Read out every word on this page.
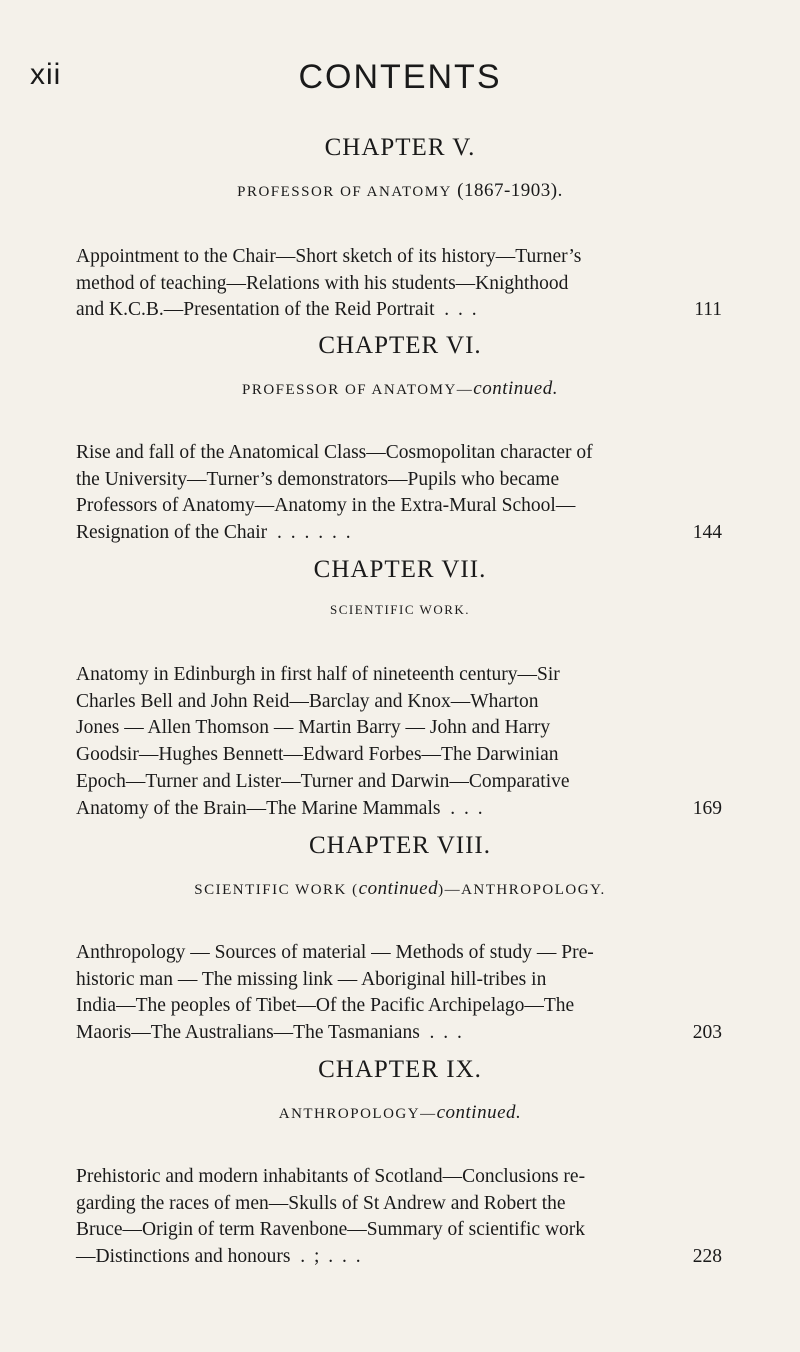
xii	CONTENTS

CHAPTER V.

PROFESSOR OF ANATOMY (1867-1903).

Appointment to the Chair—Short sketch of its history—Turner’s
method of teaching—Relations with his students—Knighthood
and K.C.B.—Presentation of the Reid Portrait . . .	111

CHAPTER VI.

PROFESSOR OF ANATOMY—continued.

Rise and fall of the Anatomical Class—Cosmopolitan character of
the University—Turner’s demonstrators—Pupils who became
Professors of Anatomy—Anatomy in the Extra-Mural School—
Resignation of the Chair . . . . . .	144

CHAPTER VII.

SCIENTIFIC WORK.

Anatomy in Edinburgh in first half of nineteenth century—Sir
Charles Bell and John Reid—Barclay and Knox—Wharton
Jones — Allen Thomson — Martin Barry — John and Harry
Goodsir—Hughes Bennett—Edward Forbes—The Darwinian
Epoch—Turner and Lister—Turner and Darwin—Comparative
Anatomy of the Brain—The Marine Mammals . . .	169

CHAPTER VIII.

SCIENTIFIC WORK (continued)—ANTHROPOLOGY.

Anthropology — Sources of material — Methods of study — Pre-
historic man — The missing link — Aboriginal hill-tribes in
India—The peoples of Tibet—Of the Pacific Archipelago—The
Maoris—The Australians—The Tasmanians . . .	203

CHAPTER IX.

ANTHROPOLOGY—continued.

Prehistoric and modern inhabitants of Scotland—Conclusions re-
garding the races of men—Skulls of St Andrew and Robert the
Bruce—Origin of term Ravenbone—Summary of scientific work
—Distinctions and honours . ; . . .	228
